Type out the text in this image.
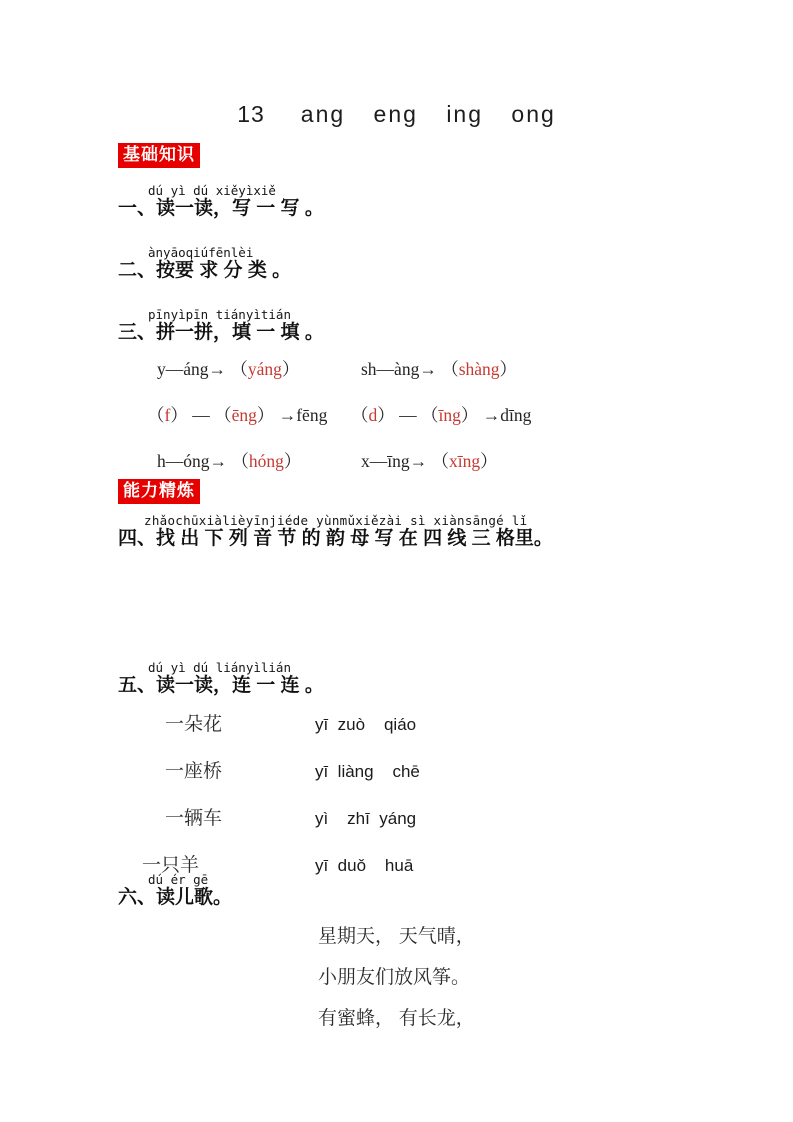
13 ang eng ing ong
基础知识
dú yì dú xiěyìxiě
一、读一读，写 一 写 。
ànyāoqiúfēnlèi
二、按要 求 分 类 。
pīnyìpīn tiányìtián
三、拼一拼，填 一 填 。
y—áng→ （yáng）	sh—àng→ （shàng）
（f） — （ēng） →fēng	（d） — （īng） →dīng
h—óng→ （hóng）	x—īng→ （xīng）
能力精炼
zhǎochūxiàlièyīnjiéde yùnmǔxiězài sì xiànsāngé lǐ
四、找 出 下 列 音 节 的 韵 母 写 在 四 线 三 格里。
dú yì dú liányìlián
五、读一读，连 一 连 。
一朵花	yī  zuò    qiáo
一座桥	yī  liàng    chē
一辆车	yì    zhī  yáng
一只羊	yī  duǒ    huā
dú ér gē
六、读儿歌。
星期天， 天气晴，
小朋友们放风筝。
有蜜蜂， 有长龙，
